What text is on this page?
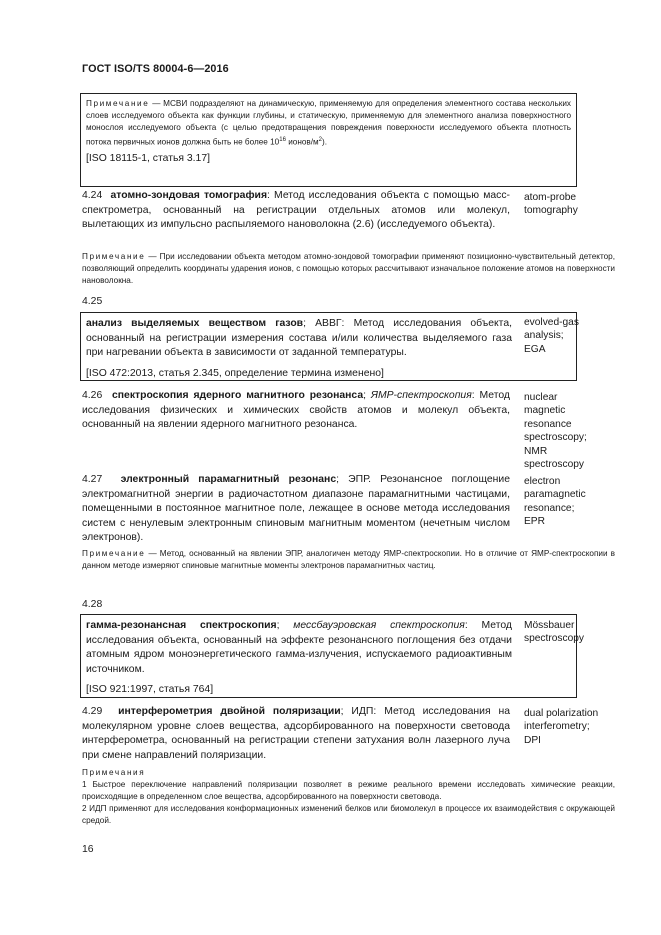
ГОСТ ISO/TS 80004-6—2016
Примечание — МСВИ подразделяют на динамическую, применяемую для определения элементного состава нескольких слоев исследуемого объекта как функции глубины, и статическую, применяемую для элементного анализа поверхностного монослоя исследуемого объекта (с целью предотвращения повреждения поверхности исследуемого объекта плотность потока первичных ионов должна быть не более $10^{16}$ ионов/$м^2$).
[ISO 18115-1, статья 3.17]
4.24 атомно-зондовая томография: Метод исследования объекта с помощью масс-спектрометра, основанный на регистрации отдельных атомов или молекул, вылетающих из импульсно распыляемого нановолокна (2.6) (исследуемого объекта).
atom-probe
tomography
Примечание — При исследовании объекта методом атомно-зондовой томографии применяют позиционно-чувствительный детектор, позволяющий определить координаты ударения ионов, с помощью которых рассчитывают изначальное положение атомов на поверхности нановолокна.
4.25
анализ выделяемых веществом газов; АВВГ: Метод исследования объекта, основанный на регистрации измерения состава и/или количества выделяемого газа при нагревании объекта в зависимости от заданной температуры.
[ISO 472:2013, статья 2.345, определение термина изменено]
evolved-gas
analysis;
EGA
4.26 спектроскопия ядерного магнитного резонанса; ЯМР-спектроскопия: Метод исследования физических и химических свойств атомов и молекул объекта, основанный на явлении ядерного магнитного резонанса.
nuclear
magnetic
resonance
spectroscopy;
NMR
spectroscopy
4.27 электронный парамагнитный резонанс; ЭПР. Резонансное поглощение электромагнитной энергии в радиочастотном диапазоне парамагнитными частицами, помещенными в постоянное магнитное поле, лежащее в основе метода исследования систем с ненулевым электронным спиновым магнитным моментом (нечетным числом электронов).
electron
paramagnetic
resonance;
EPR
Примечание — Метод, основанный на явлении ЭПР, аналогичен методу ЯМР-спектроскопии. Но в отличие от ЯМР-спектроскопии в данном методе измеряют спиновые магнитные моменты электронов парамагнитных частиц.
4.28
гамма-резонансная спектроскопия; мессбауэровская спектроскопия: Метод исследования объекта, основанный на эффекте резонансного поглощения без отдачи атомным ядром моноэнергетического гамма-излучения, испускаемого радиоактивным источником.
[ISO 921:1997, статья 764]
Mössbauer
spectroscopy
4.29 интерферометрия двойной поляризации; ИДП: Метод исследования на молекулярном уровне слоев вещества, адсорбированного на поверхности световода интерферометра, основанный на регистрации степени затухания волн лазерного луча при смене направлений поляризации.
dual polarization
interferometry;
DPI
Примечания
1 Быстрое переключение направлений поляризации позволяет в режиме реального времени исследовать химические реакции, происходящие в определенном слое вещества, адсорбированного на поверхности световода.
2 ИДП применяют для исследования конформационных изменений белков или биомолекул в процессе их взаимодействия с окружающей средой.
16
